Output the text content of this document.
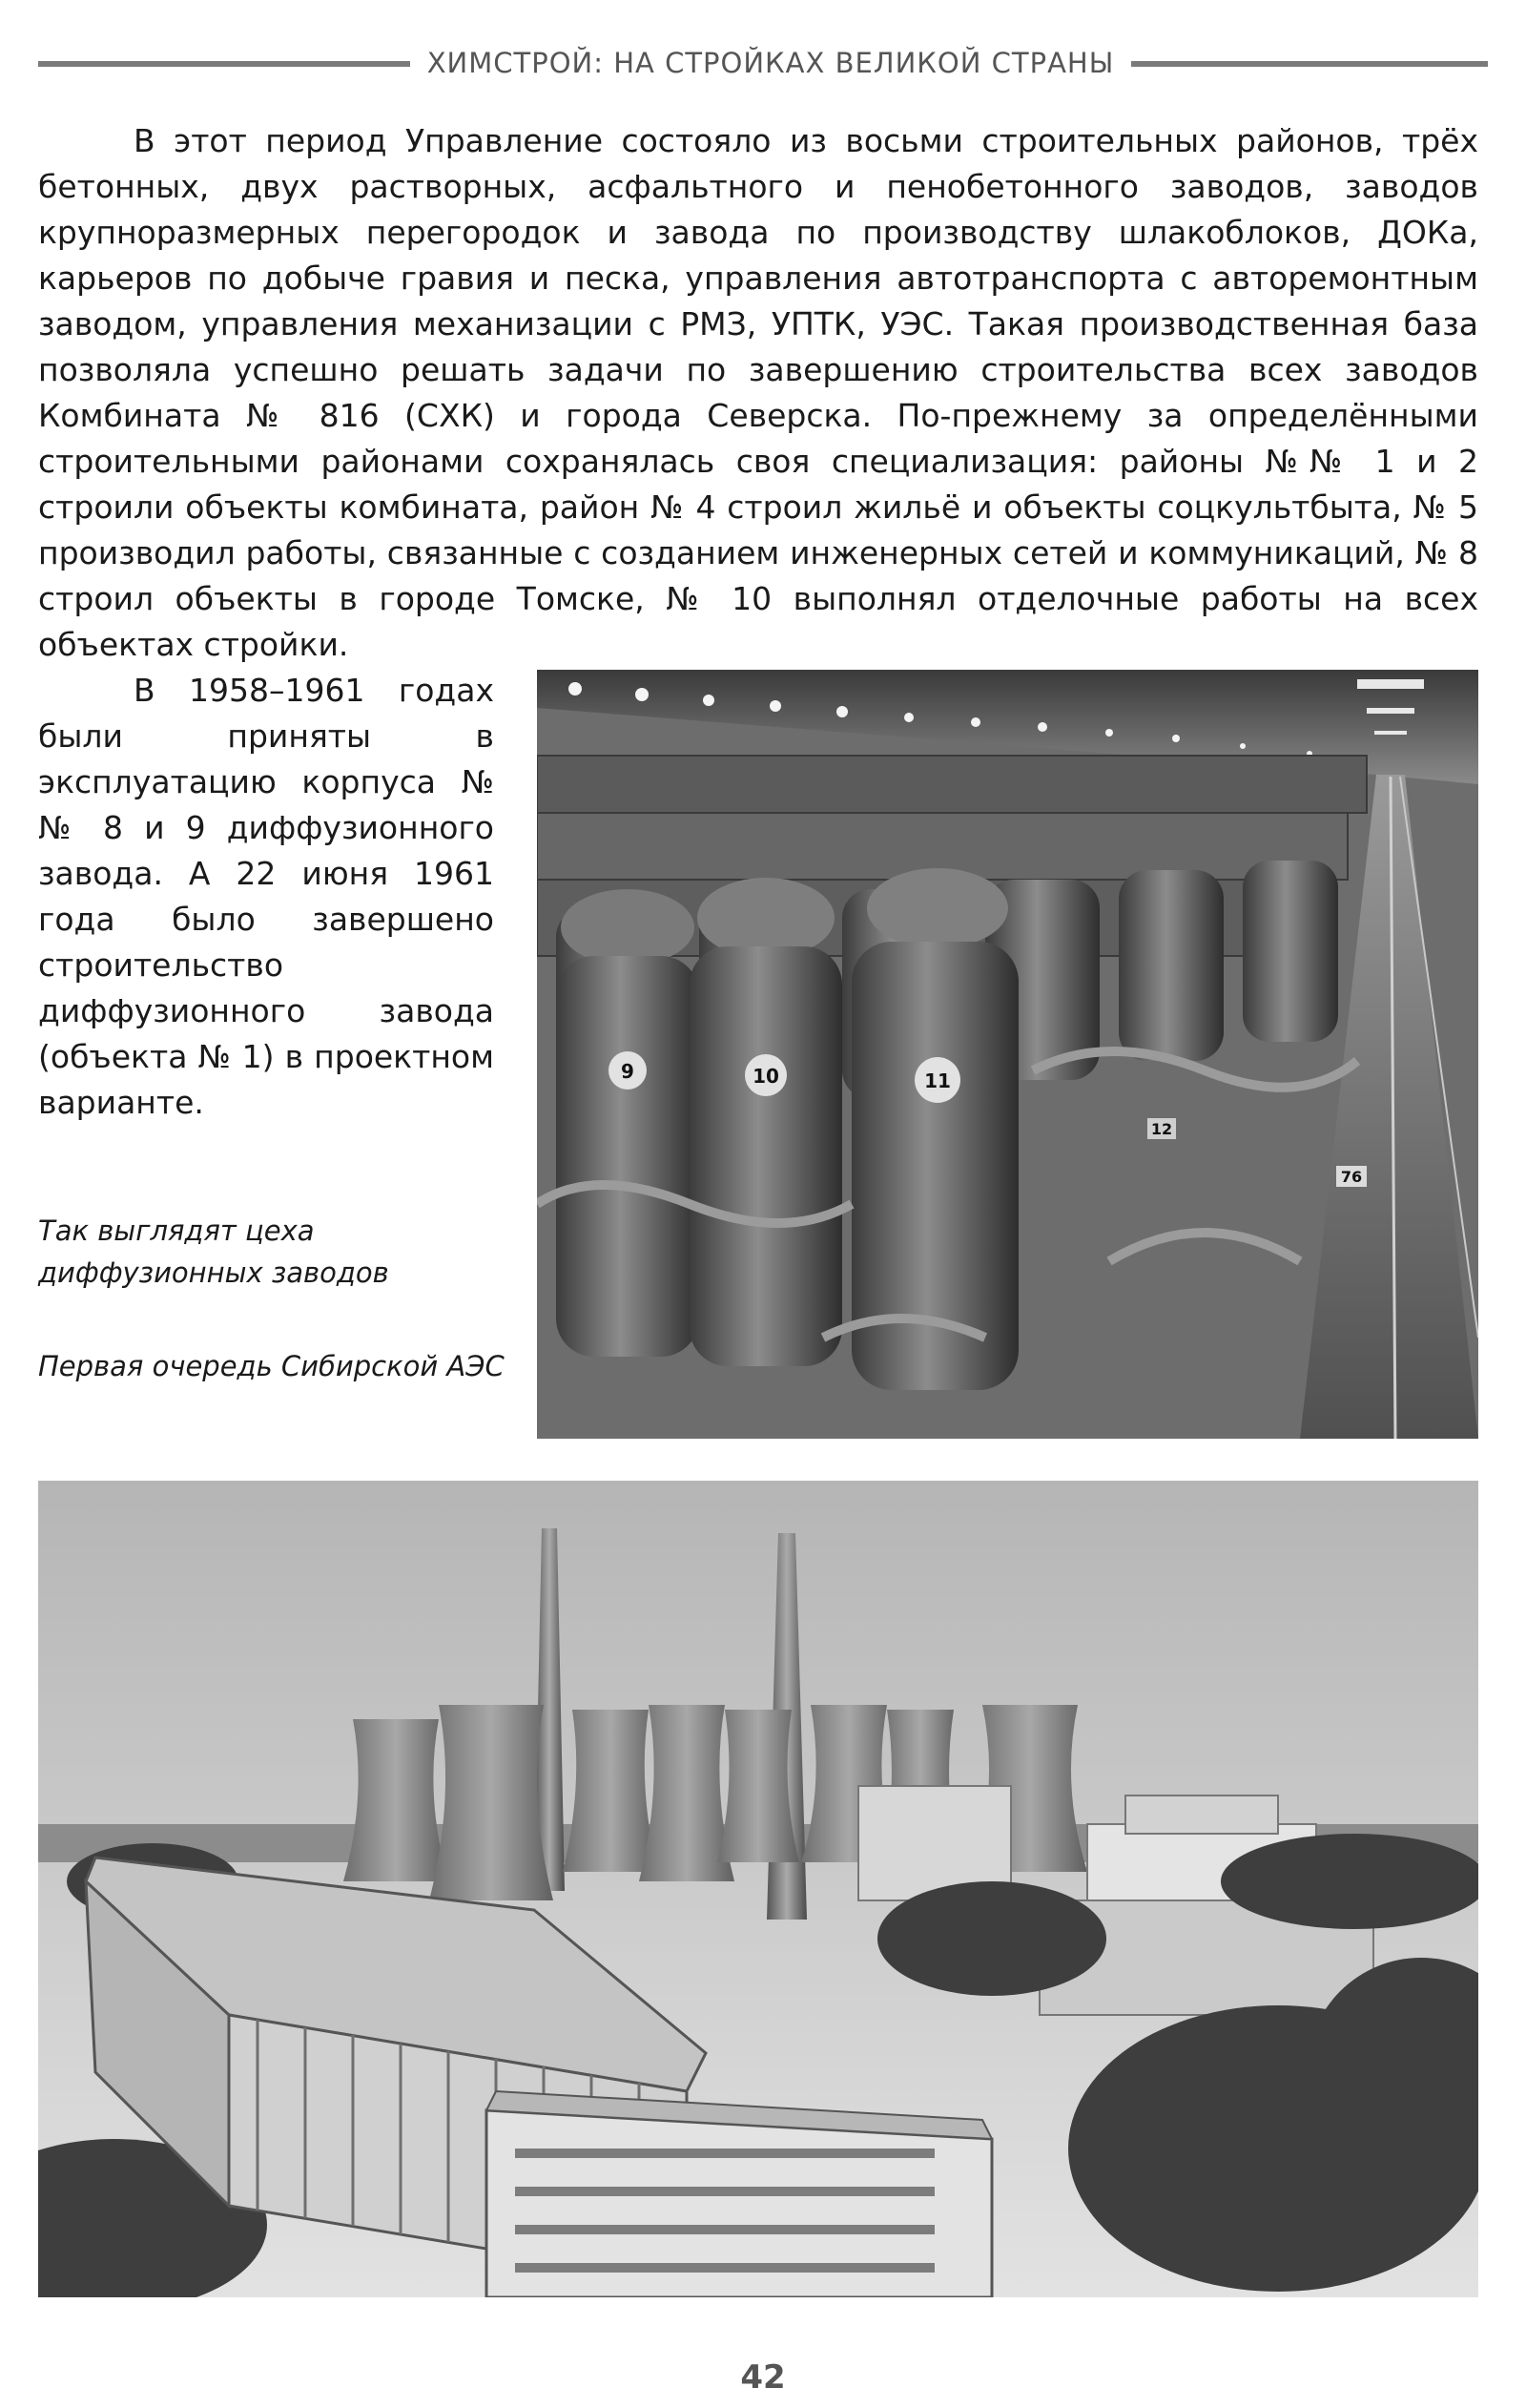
ХИМСТРОЙ: НА СТРОЙКАХ ВЕЛИКОЙ СТРАНЫ

В этот период Управление состояло из восьми строительных районов, трёх бетонных, двух растворных, асфальтного и пенобетонного заводов, заводов крупноразмерных перегородок и завода по производству шлакоблоков, ДОКа, карьеров по добыче гравия и песка, управления автотранспорта с авторемонтным заводом, управления механизации с РМЗ, УПТК, УЭС. Такая производственная база позволяла успешно решать задачи по завершению строительства всех заводов Комбината № 816 (СХК) и города Северска. По-прежнему за определёнными строительными районами сохранялась своя специализация: районы №№ 1 и 2 строили объекты комбината, район № 4 строил жильё и объекты соцкультбыта, № 5 производил работы, связанные с созданием инженерных сетей и коммуникаций, № 8 строил объекты в городе Томске, № 10 выполнял отделочные работы на всех объектах стройки.

В 1958–1961 годах были приняты в эксплуатацию корпуса №№ 8 и 9 диффузионного завода. А 22 июня 1961 года было завершено строительство диффузионного завода (объекта № 1) в проектном варианте.

Так выглядят цеха диффузионных заводов

Первая очередь Сибирской АЭС

9	10	11
12
76
42
